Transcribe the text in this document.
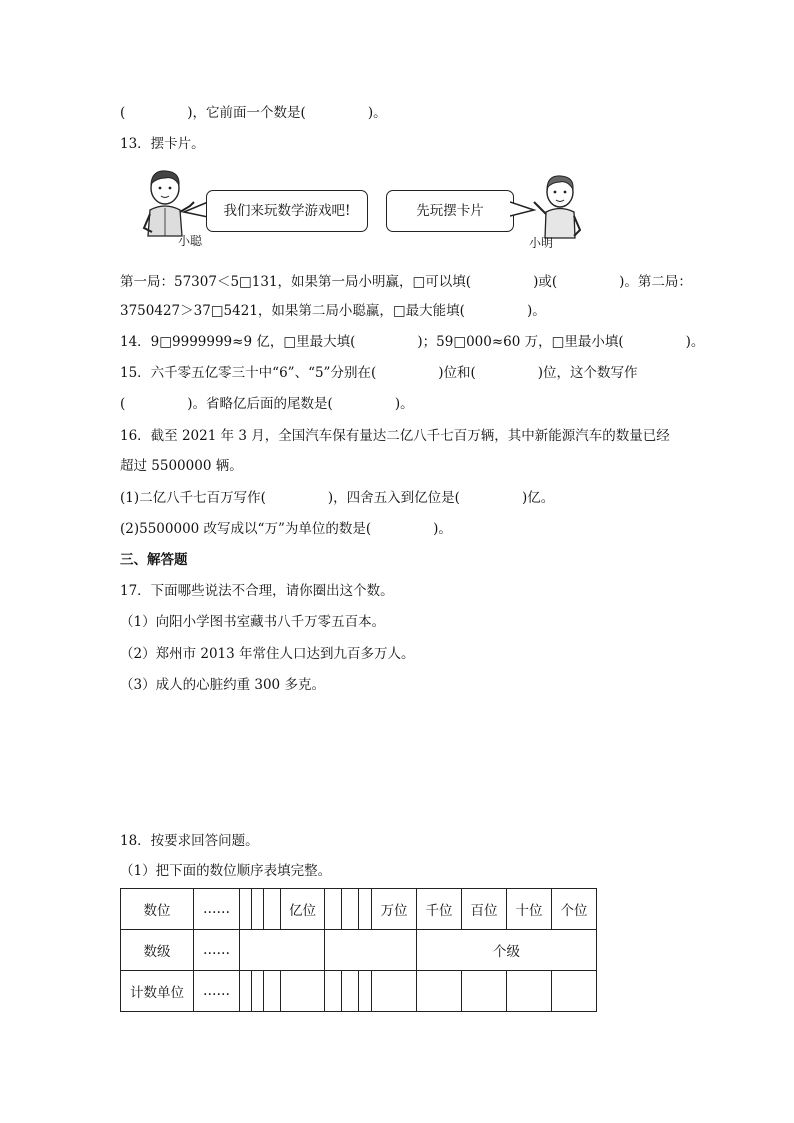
(	)，它前面一个数是(	)。
13．摆卡片。
小聪
我们来玩数学游戏吧!	先玩摆卡片
小明
第一局：57307＜5□131，如果第一局小明赢，□可以填(	)或(	)。第二局：
3750427＞37□5421，如果第二局小聪赢，□最大能填(	)。
14．9□9999999≈9 亿，□里最大填(	)；59□000≈60 万，□里最小填(	)。
15．六千零五亿零三十中“6”、“5”分别在(	)位和(	)位，这个数写作
(	)。省略亿后面的尾数是(	)。
16．截至 2021 年 3 月，全国汽车保有量达二亿八千七百万辆，其中新能源汽车的数量已经
超过 5500000 辆。
(1)二亿八千七百万写作(	)，四舍五入到亿位是(	)亿。
(2)5500000 改写成以“万”为单位的数是(	)。
三、解答题
17．下面哪些说法不合理，请你圈出这个数。
（1）向阳小学图书室藏书八千万零五百本。
（2）郑州市 2013 年常住人口达到九百多万人。
（3）成人的心脏约重 300 多克。
18．按要求回答问题。
（1）把下面的数位顺序表填完整。
数位	……				亿位				万位	千位	百位	十位	个位
数级	……									个级			
计数单位	……												
